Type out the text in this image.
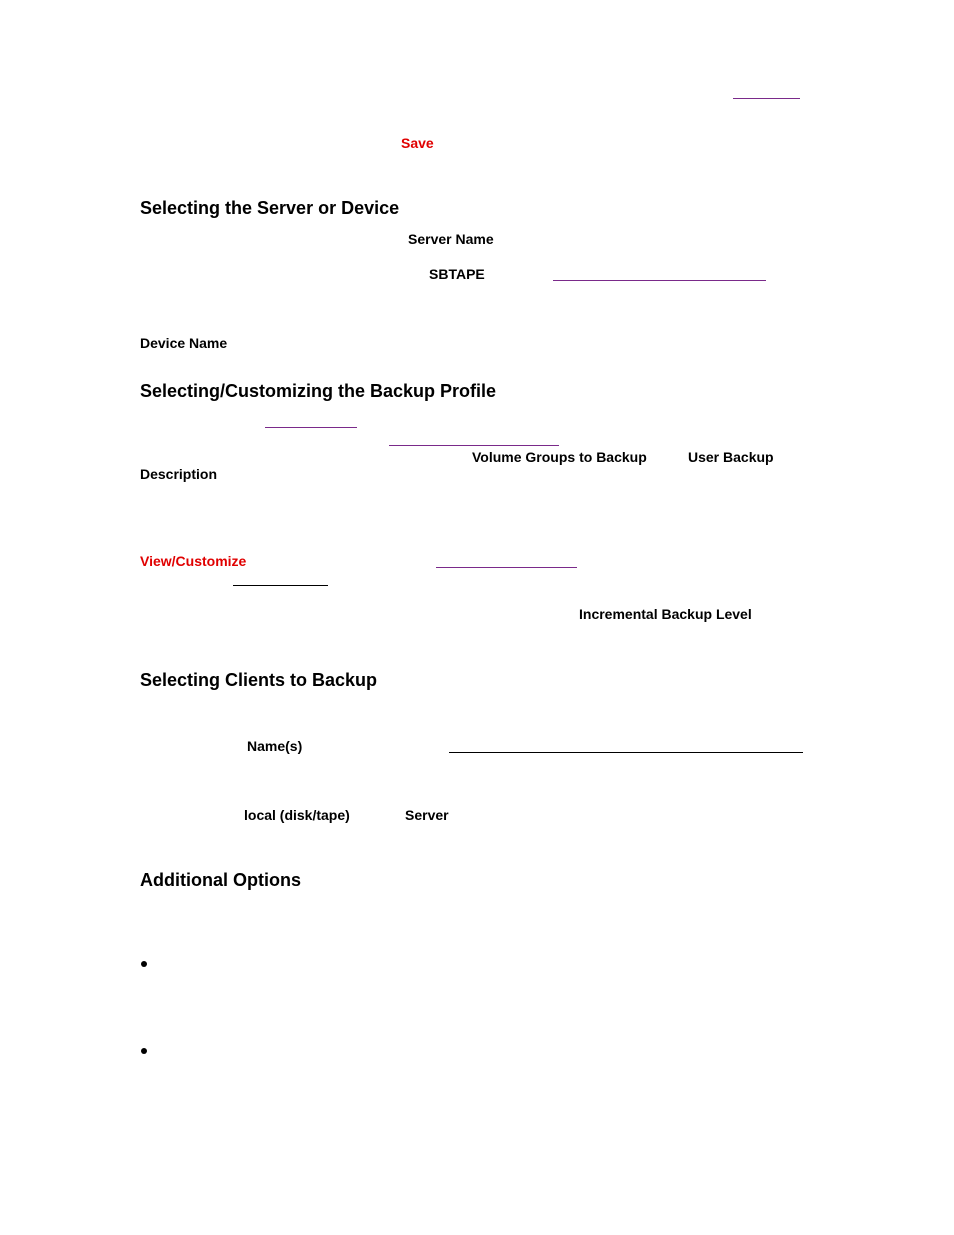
Save
Selecting the Server or Device
Server Name
SBTAPE
Device Name
Selecting/Customizing the Backup Profile
Volume Groups to Backup	User Backup
Description
View/Customize
Incremental Backup Level
Selecting Clients to Backup
Name(s)
local (disk/tape)	Server
Additional Options
